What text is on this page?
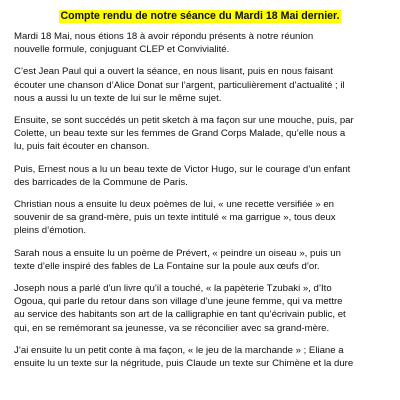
Compte rendu de notre séance du Mardi 18 Mai dernier.

Mardi 18 Mai, nous étions 18 à avoir répondu présents à notre réunion
nouvelle formule, conjuguant CLEP et Convivialité.

C’est Jean Paul qui a ouvert la séance, en nous lisant, puis en nous faisant
écouter une chanson d’Alice Donat sur l’argent, particulièrement d’actualité ; il
nous a aussi lu un texte de lui sur le même sujet.

Ensuite, se sont succédés un petit sketch à ma façon sur une mouche, puis, par
Colette, un beau texte sur les femmes de Grand Corps Malade, qu’elle nous a
lu, puis fait écouter en chanson.

Puis, Ernest nous a lu un beau texte de Victor Hugo, sur le courage d’un enfant
des barricades de la Commune de Paris.

Christian nous a ensuite lu deux poèmes de lui, « une recette versifiée » en
souvenir de sa grand-mère, puis un texte intitulé « ma garrigue », tous deux
pleins d’émotion.

Sarah nous a ensuite lu un poème de Prévert, « peindre un oiseau », puis un
texte d’elle inspiré des fables de La Fontaine sur la poule aux œufs d’or.

Joseph nous a parlé d’un livre qu’il a touché, « la papèterie Tzubaki », d’Ito
Ogoua, qui parle du retour dans son village d’une jeune femme, qui va mettre
au service des habitants son art de la calligraphie en tant qu’écrivain public, et
qui, en se remémorant sa jeunesse, va se réconcilier avec sa grand-mère.

J’ai ensuite lu un petit conte à ma façon, « le jeu de la marchande » ; Eliane a
ensuite lu un texte sur la négritude, puis Claude un texte sur Chimène et la dure
